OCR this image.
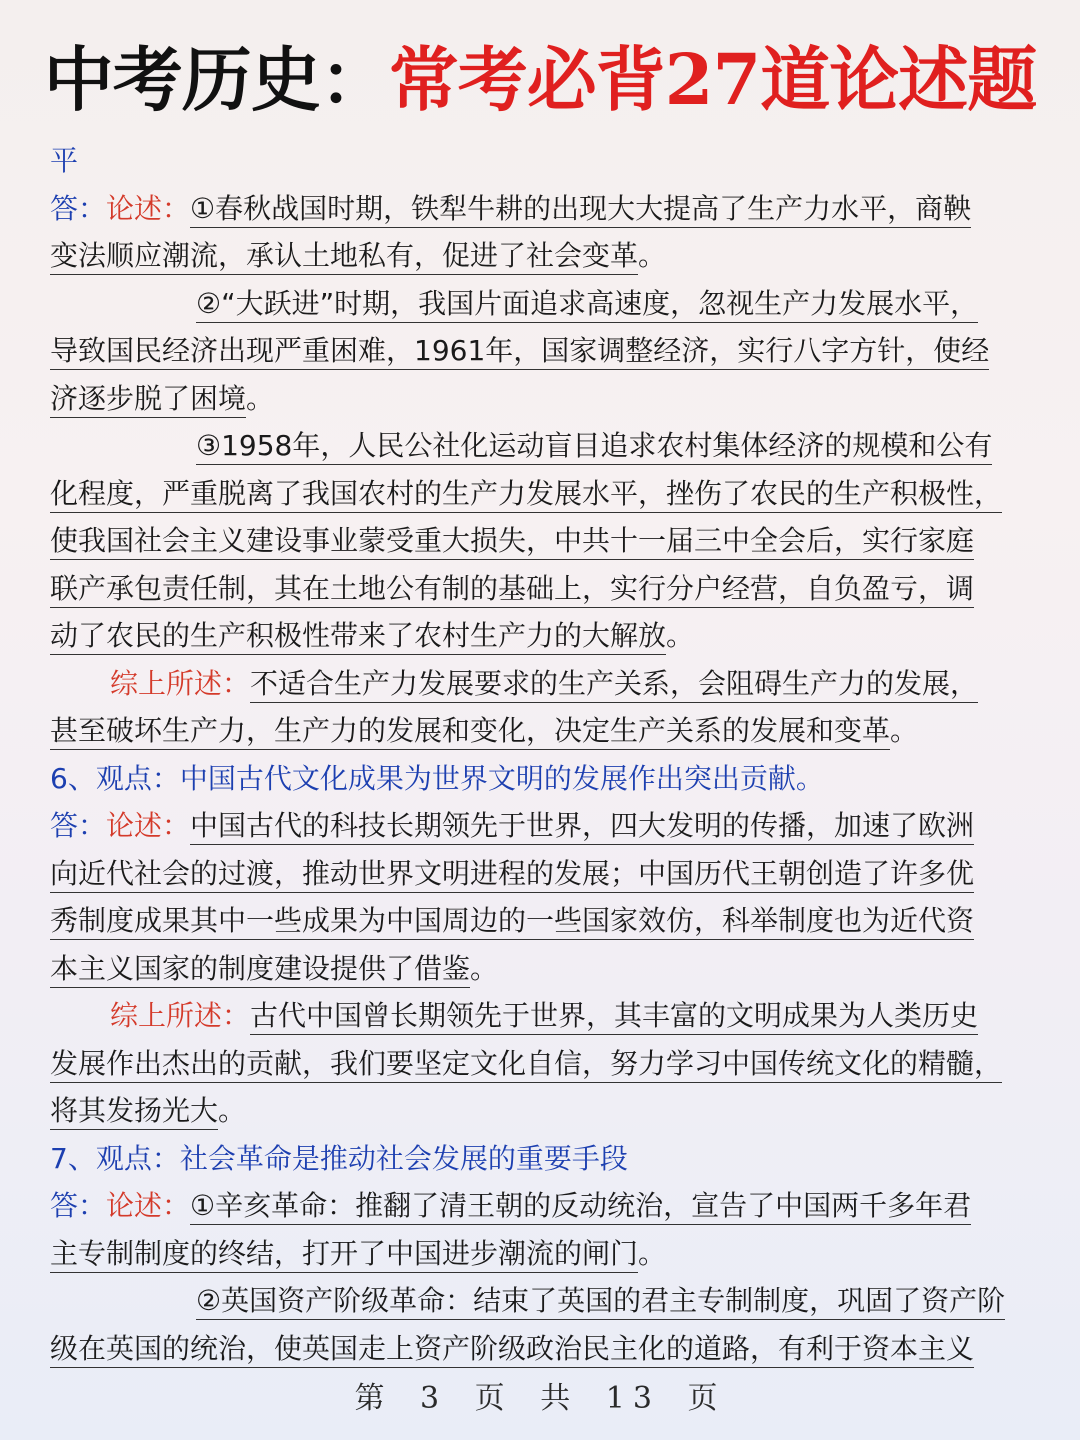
中考历史：常考必背27道论述题
平
答：论述：①春秋战国时期，铁犁牛耕的出现大大提高了生产力水平，商鞅
变法顺应潮流，承认土地私有，促进了社会变革。
②“大跃进”时期，我国片面追求高速度，忽视生产力发展水平，
导致国民经济出现严重困难，1961年，国家调整经济，实行八字方针，使经
济逐步脱了困境。
③1958年，人民公社化运动盲目追求农村集体经济的规模和公有
化程度，严重脱离了我国农村的生产力发展水平，挫伤了农民的生产积极性，
使我国社会主义建设事业蒙受重大损失，中共十一届三中全会后，实行家庭
联产承包责任制，其在土地公有制的基础上，实行分户经营，自负盈亏，调
动了农民的生产积极性带来了农村生产力的大解放。
综上所述：不适合生产力发展要求的生产关系，会阻碍生产力的发展，
甚至破坏生产力，生产力的发展和变化，决定生产关系的发展和变革。
6、观点：中国古代文化成果为世界文明的发展作出突出贡献。
答：论述：中国古代的科技长期领先于世界，四大发明的传播，加速了欧洲
向近代社会的过渡，推动世界文明进程的发展；中国历代王朝创造了许多优
秀制度成果其中一些成果为中国周边的一些国家效仿，科举制度也为近代资
本主义国家的制度建设提供了借鉴。
综上所述：古代中国曾长期领先于世界，其丰富的文明成果为人类历史
发展作出杰出的贡献，我们要坚定文化自信，努力学习中国传统文化的精髓，
将其发扬光大。
7、观点：社会革命是推动社会发展的重要手段
答：论述：①辛亥革命：推翻了清王朝的反动统治，宣告了中国两千多年君
主专制制度的终结，打开了中国进步潮流的闸门。
②英国资产阶级革命：结束了英国的君主专制制度，巩固了资产阶
级在英国的统治，使英国走上资产阶级政治民主化的道路，有利于资本主义
第 3 页 共 13 页
